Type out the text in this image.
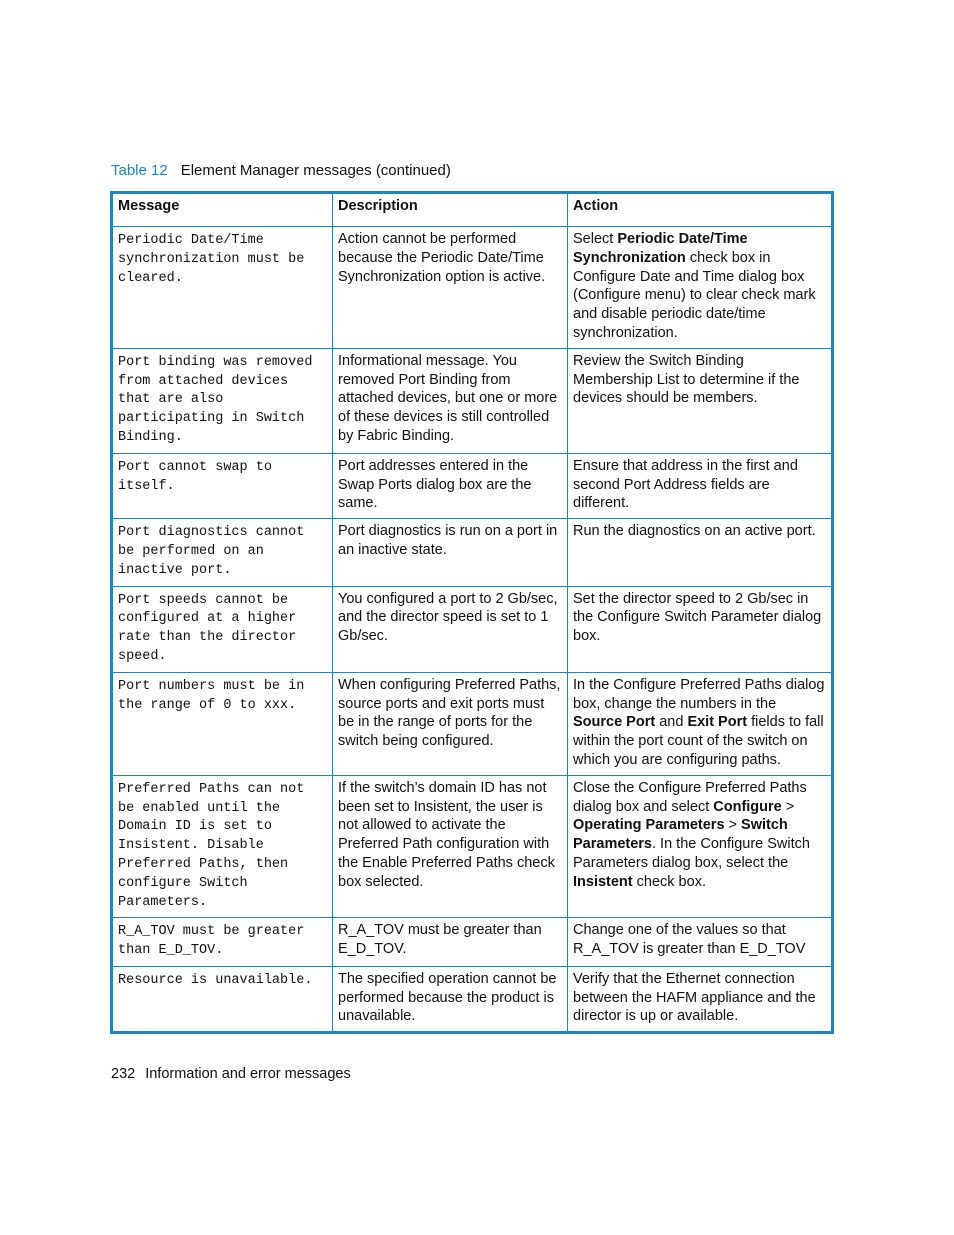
Table 12 Element Manager messages (continued)
Message	Description	Action
Periodic Date/Time synchronization must be cleared.	Action cannot be performed because the Periodic Date/Time Synchronization option is active.	Select Periodic Date/Time Synchronization check box in Configure Date and Time dialog box (Configure menu) to clear check mark and disable periodic date/time synchronization.
Port binding was removed from attached devices that are also participating in Switch Binding.	Informational message. You removed Port Binding from attached devices, but one or more of these devices is still controlled by Fabric Binding.	Review the Switch Binding Membership List to determine if the devices should be members.
Port cannot swap to itself.	Port addresses entered in the Swap Ports dialog box are the same.	Ensure that address in the first and second Port Address fields are different.
Port diagnostics cannot be performed on an inactive port.	Port diagnostics is run on a port in an inactive state.	Run the diagnostics on an active port.
Port speeds cannot be configured at a higher rate than the director speed.	You configured a port to 2 Gb/sec, and the director speed is set to 1 Gb/sec.	Set the director speed to 2 Gb/sec in the Configure Switch Parameter dialog box.
Port numbers must be in the range of 0 to xxx.	When configuring Preferred Paths, source ports and exit ports must be in the range of ports for the switch being configured.	In the Configure Preferred Paths dialog box, change the numbers in the Source Port and Exit Port fields to fall within the port count of the switch on which you are configuring paths.
Preferred Paths can not be enabled until the Domain ID is set to Insistent. Disable Preferred Paths, then configure Switch Parameters.	If the switch’s domain ID has not been set to Insistent, the user is not allowed to activate the Preferred Path configuration with the Enable Preferred Paths check box selected.	Close the Configure Preferred Paths dialog box and select Configure > Operating Parameters > Switch Parameters. In the Configure Switch Parameters dialog box, select the Insistent check box.
R_A_TOV must be greater than E_D_TOV.	R_A_TOV must be greater than E_D_TOV.	Change one of the values so that R_A_TOV is greater than E_D_TOV
Resource is unavailable.	The specified operation cannot be performed because the product is unavailable.	Verify that the Ethernet connection between the HAFM appliance and the director is up or available.
232 Information and error messages
